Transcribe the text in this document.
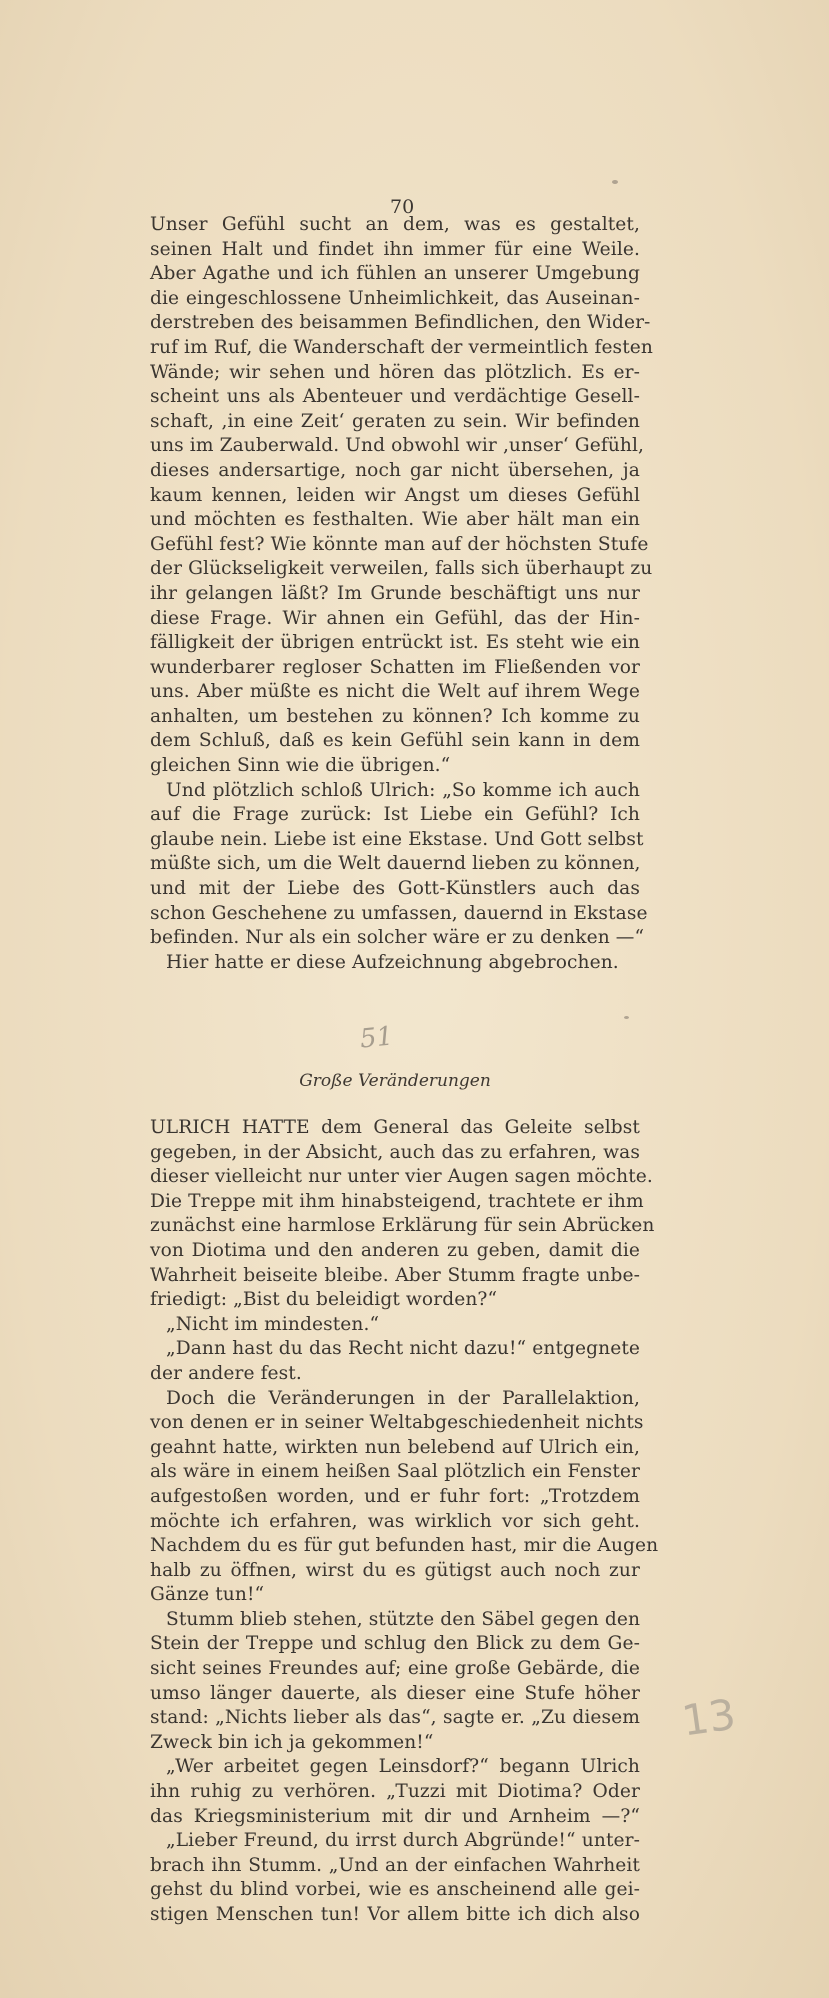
70
Unser Gefühl sucht an dem, was es gestaltet,
seinen Halt und findet ihn immer für eine Weile.
Aber Agathe und ich fühlen an unserer Umgebung
die eingeschlossene Unheimlichkeit, das Auseinan-
derstreben des beisammen Befindlichen, den Wider-
ruf im Ruf, die Wanderschaft der vermeintlich festen
Wände; wir sehen und hören das plötzlich. Es er-
scheint uns als Abenteuer und verdächtige Gesell-
schaft, ‚in eine Zeit‘ geraten zu sein. Wir befinden
uns im Zauberwald. Und obwohl wir ‚unser‘ Gefühl,
dieses andersartige, noch gar nicht übersehen, ja
kaum kennen, leiden wir Angst um dieses Gefühl
und möchten es festhalten. Wie aber hält man ein
Gefühl fest? Wie könnte man auf der höchsten Stufe
der Glückseligkeit verweilen, falls sich überhaupt zu
ihr gelangen läßt? Im Grunde beschäftigt uns nur
diese Frage. Wir ahnen ein Gefühl, das der Hin-
fälligkeit der übrigen entrückt ist. Es steht wie ein
wunderbarer regloser Schatten im Fließenden vor
uns. Aber müßte es nicht die Welt auf ihrem Wege
anhalten, um bestehen zu können? Ich komme zu
dem Schluß, daß es kein Gefühl sein kann in dem
gleichen Sinn wie die übrigen.“
Und plötzlich schloß Ulrich: „So komme ich auch
auf die Frage zurück: Ist Liebe ein Gefühl? Ich
glaube nein. Liebe ist eine Ekstase. Und Gott selbst
müßte sich, um die Welt dauernd lieben zu können,
und mit der Liebe des Gott-Künstlers auch das
schon Geschehene zu umfassen, dauernd in Ekstase
befinden. Nur als ein solcher wäre er zu denken —“
Hier hatte er diese Aufzeichnung abgebrochen.
51
Große Veränderungen
ULRICH HATTE dem General das Geleite selbst
gegeben, in der Absicht, auch das zu erfahren, was
dieser vielleicht nur unter vier Augen sagen möchte.
Die Treppe mit ihm hinabsteigend, trachtete er ihm
zunächst eine harmlose Erklärung für sein Abrücken
von Diotima und den anderen zu geben, damit die
Wahrheit beiseite bleibe. Aber Stumm fragte unbe-
friedigt: „Bist du beleidigt worden?“
„Nicht im mindesten.“
„Dann hast du das Recht nicht dazu!“ entgegnete
der andere fest.
Doch die Veränderungen in der Parallelaktion,
von denen er in seiner Weltabgeschiedenheit nichts
geahnt hatte, wirkten nun belebend auf Ulrich ein,
als wäre in einem heißen Saal plötzlich ein Fenster
aufgestoßen worden, und er fuhr fort: „Trotzdem
möchte ich erfahren, was wirklich vor sich geht.
Nachdem du es für gut befunden hast, mir die Augen
halb zu öffnen, wirst du es gütigst auch noch zur
Gänze tun!“
Stumm blieb stehen, stützte den Säbel gegen den
Stein der Treppe und schlug den Blick zu dem Ge-
sicht seines Freundes auf; eine große Gebärde, die
umso länger dauerte, als dieser eine Stufe höher
stand: „Nichts lieber als das“, sagte er. „Zu diesem
Zweck bin ich ja gekommen!“
„Wer arbeitet gegen Leinsdorf?“ begann Ulrich
ihn ruhig zu verhören. „Tuzzi mit Diotima? Oder
das Kriegsministerium mit dir und Arnheim —?“
„Lieber Freund, du irrst durch Abgründe!“ unter-
brach ihn Stumm. „Und an der einfachen Wahrheit
gehst du blind vorbei, wie es anscheinend alle gei-
stigen Menschen tun! Vor allem bitte ich dich also
13
